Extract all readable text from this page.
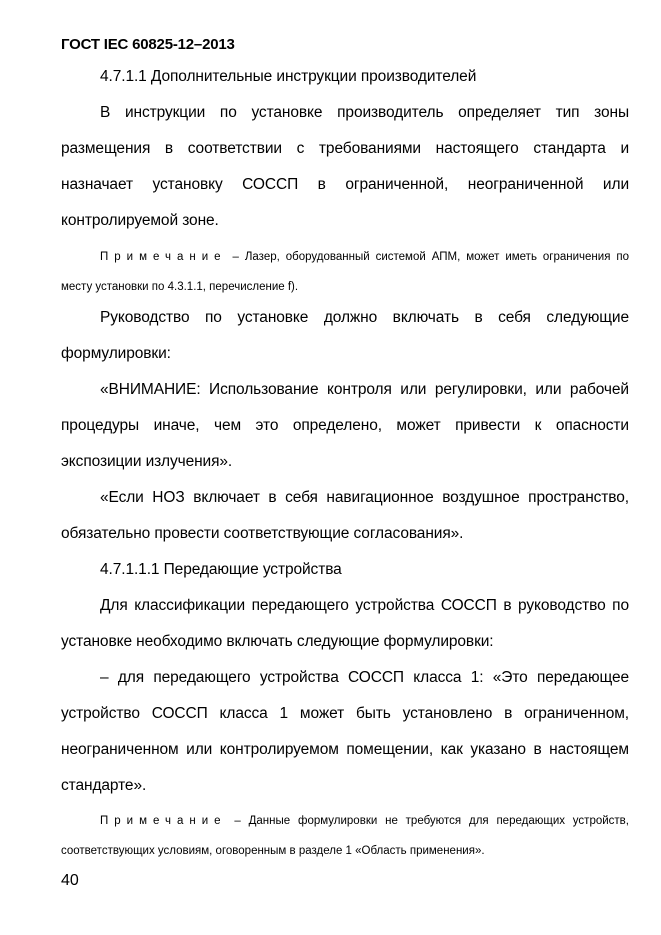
ГОСТ IEC 60825-12–2013
4.7.1.1 Дополнительные инструкции производителей
В инструкции по установке производитель определяет тип зоны размещения в соответствии с требованиями настоящего стандарта и назначает установку СОССП в ограниченной, неограниченной или контролируемой зоне.
Примечание – Лазер, оборудованный системой АПМ, может иметь ограничения по месту установки по 4.3.1.1, перечисление f).
Руководство по установке должно включать в себя следующие формулировки:
«ВНИМАНИЕ: Использование контроля или регулировки, или рабочей процедуры иначе, чем это определено, может привести к опасности экспозиции излучения».
«Если НОЗ включает в себя навигационное воздушное пространство, обязательно провести соответствующие согласования».
4.7.1.1.1 Передающие устройства
Для классификации передающего устройства СОССП в руководство по установке необходимо включать следующие формулировки:
– для передающего устройства СОССП класса 1: «Это передающее устройство СОССП класса 1 может быть установлено в ограниченном, неограниченном или контролируемом помещении, как указано в настоящем стандарте».
Примечание – Данные формулировки не требуются для передающих устройств, соответствующих условиям, оговоренным в разделе 1 «Область применения».
40
